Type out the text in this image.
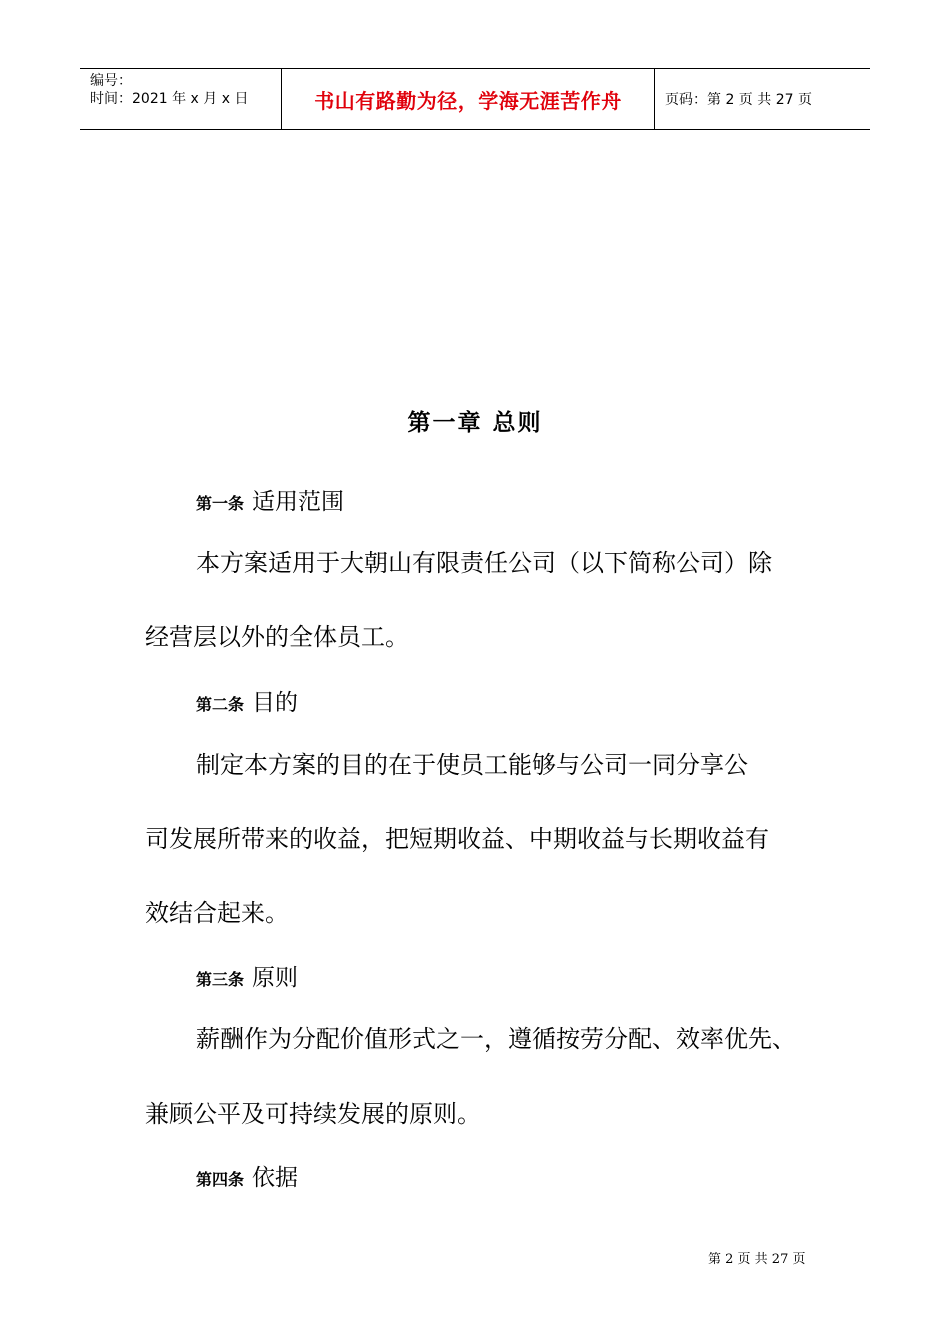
编号：
时间：2021 年 x 月 x 日	书山有路勤为径，学海无涯苦作舟	页码：第 2 页 共 27 页
第一章 总则
第一条 适用范围
本方案适用于大朝山有限责任公司（以下简称公司）除
经营层以外的全体员工。
第二条 目的
制定本方案的目的在于使员工能够与公司一同分享公
司发展所带来的收益，把短期收益、中期收益与长期收益有
效结合起来。
第三条 原则
薪酬作为分配价值形式之一，遵循按劳分配、效率优先、
兼顾公平及可持续发展的原则。
第四条 依据
第 2 页 共 27 页
